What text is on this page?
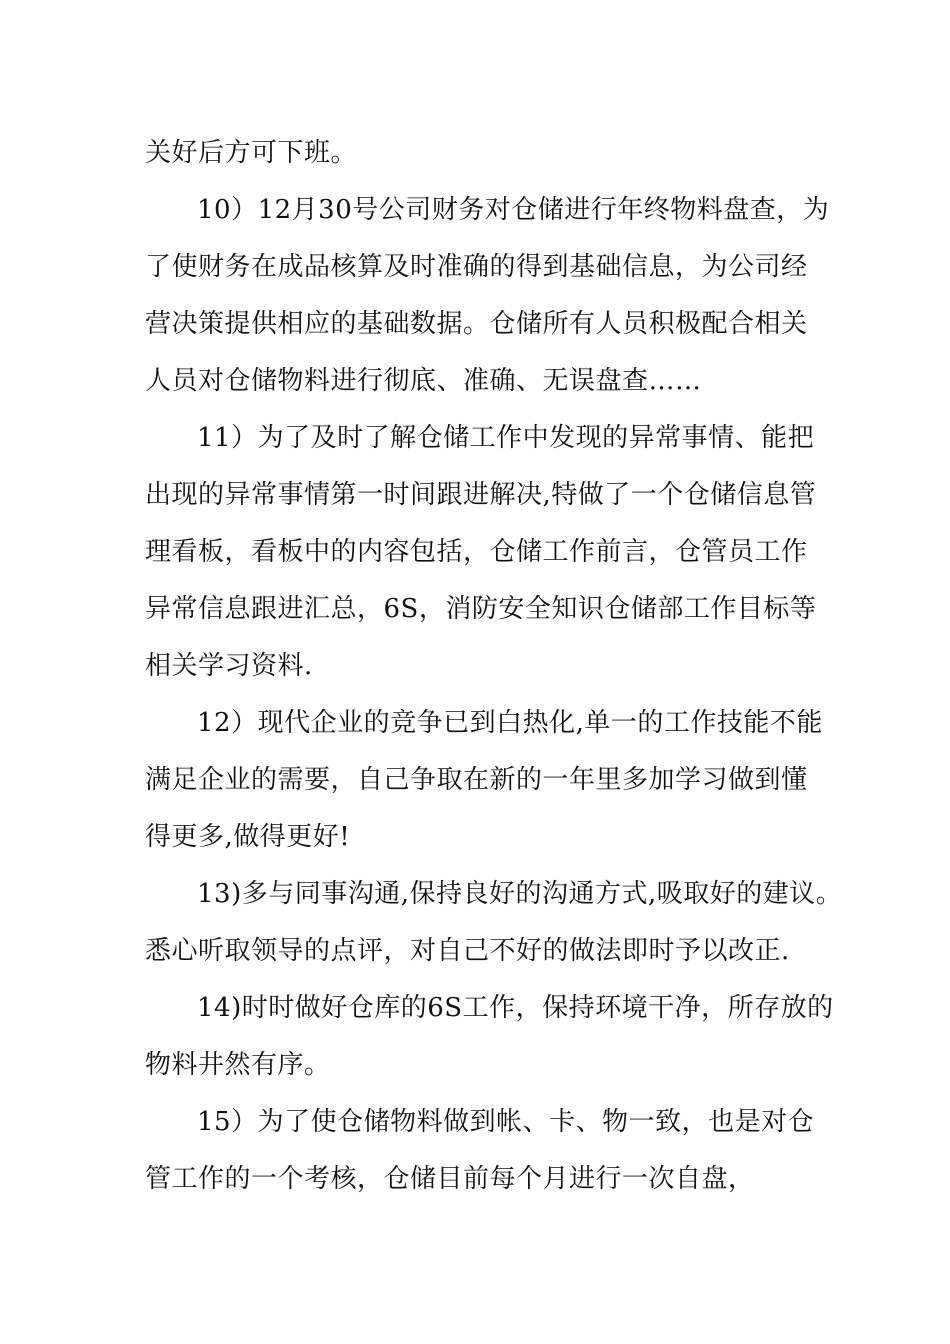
关好后方可下班。
10）12月30号公司财务对仓储进行年终物料盘查，为
了使财务在成品核算及时准确的得到基础信息，为公司经
营决策提供相应的基础数据。仓储所有人员积极配合相关
人员对仓储物料进行彻底、准确、无误盘查……
11）为了及时了解仓储工作中发现的异常事情、能把
出现的异常事情第一时间跟进解决,特做了一个仓储信息管
理看板，看板中的内容包括，仓储工作前言，仓管员工作
异常信息跟进汇总，6S，消防安全知识仓储部工作目标等
相关学习资料.
12）现代企业的竞争已到白热化,单一的工作技能不能
满足企业的需要，自己争取在新的一年里多加学习做到懂
得更多,做得更好!
13)多与同事沟通,保持良好的沟通方式,吸取好的建议。
悉心听取领导的点评，对自己不好的做法即时予以改正.
14)时时做好仓库的6S工作，保持环境干净，所存放的
物料井然有序。
15）为了使仓储物料做到帐、卡、物一致，也是对仓
管工作的一个考核，仓储目前每个月进行一次自盘，
